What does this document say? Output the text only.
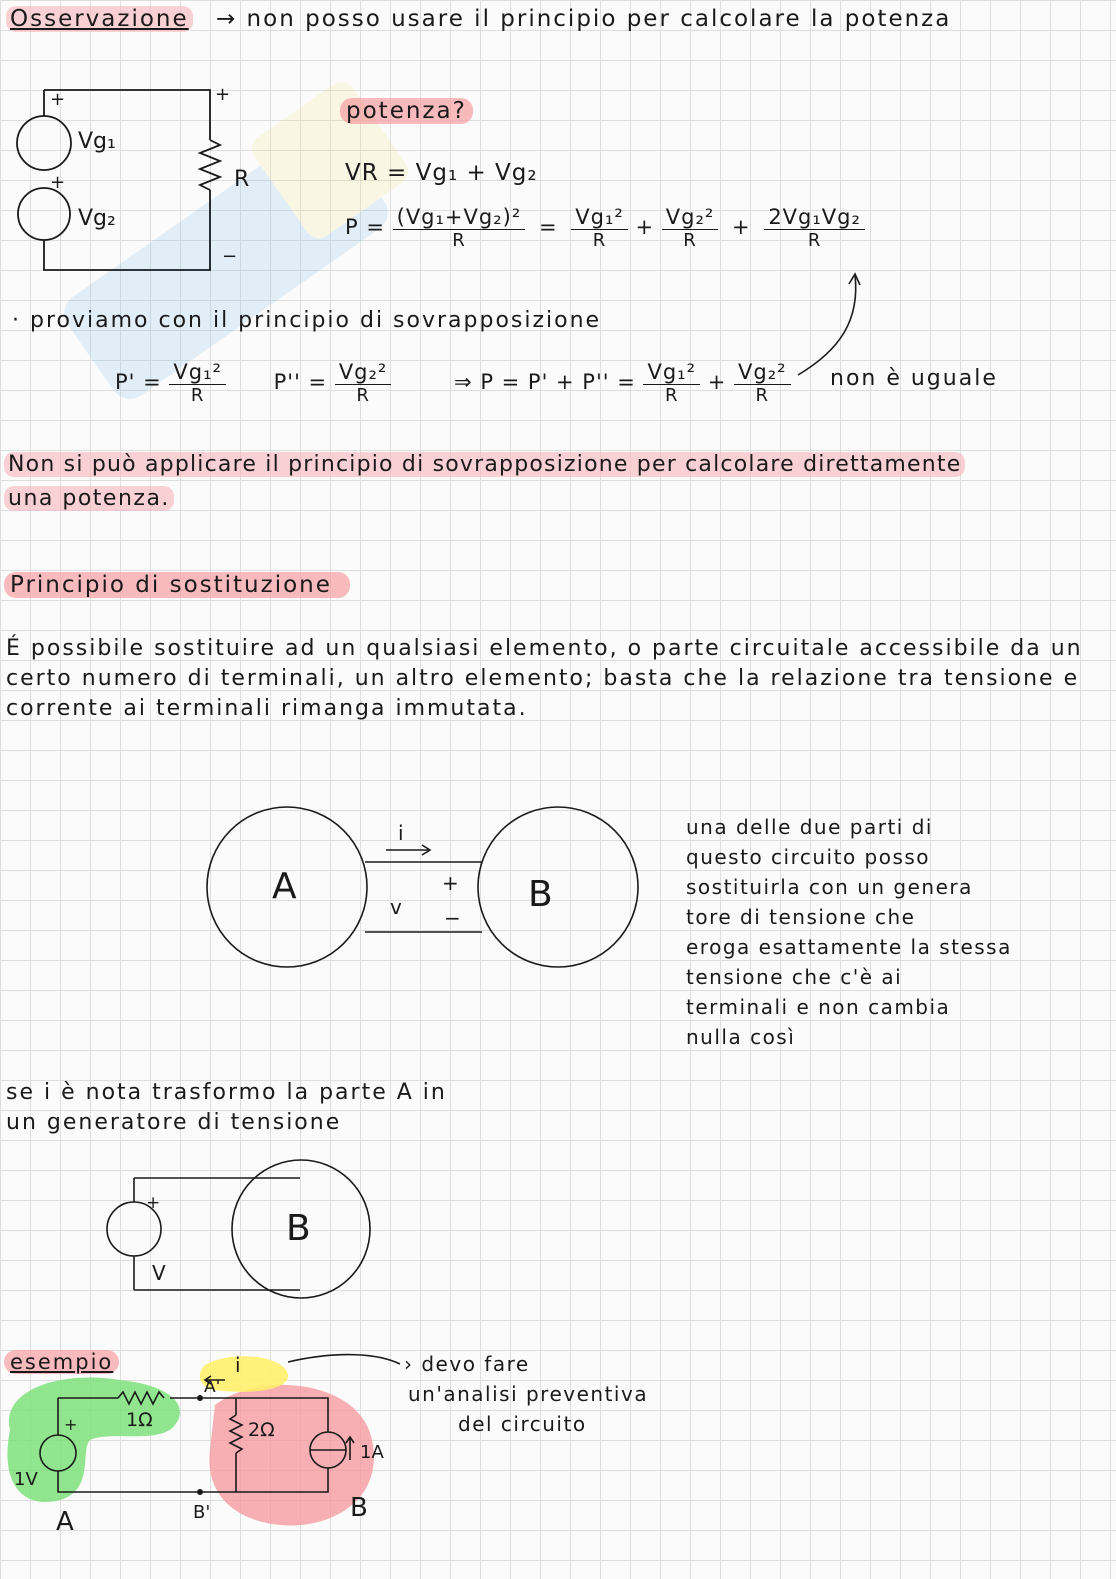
Osservazione → non posso usare il principio per calcolare la potenza
+
+
+
−
Vg₁
Vg₂
R
potenza?
VR = Vg₁ + Vg₂
$P = \frac{\text{(Vg₁+Vg₂)²}}{R} = \frac{\text{Vg₁²}}{R} + \frac{\text{Vg₂²}}{R} + \frac{\text{2Vg₁Vg₂}}{R}$
· proviamo con il principio di sovrapposizione
$P' = \frac{\text{Vg₁²}}{R} P'' = \frac{\text{Vg₂²}}{R}$	⇒ $P = P' + P'' = \frac{\text{Vg₁²}}{R} + \frac{\text{Vg₂²}}{R}$ non è uguale
Non si può applicare il principio di sovrapposizione per calcolare direttamente
una potenza.
Principio di sostituzione
É possibile sostituire ad un qualsiasi elemento, o parte circuitale accessibile da un certo numero di terminali, un altro elemento; basta che la relazione tra tensione e corrente ai terminali rimanga immutata.
A	B
i
v
+
−
una delle due parti di
questo circuito posso
sostituirla con un genera
tore di tensione che
eroga esattamente la stessa
tensione che c'è ai
terminali e non cambia
nulla così
se i è nota trasformo la parte A in
un generatore di tensione
+
V
B
esempio
+
i
A'
B'
1Ω	2Ω
1V
1A
A	B
› devo fare
un'analisi preventiva
del circuito
